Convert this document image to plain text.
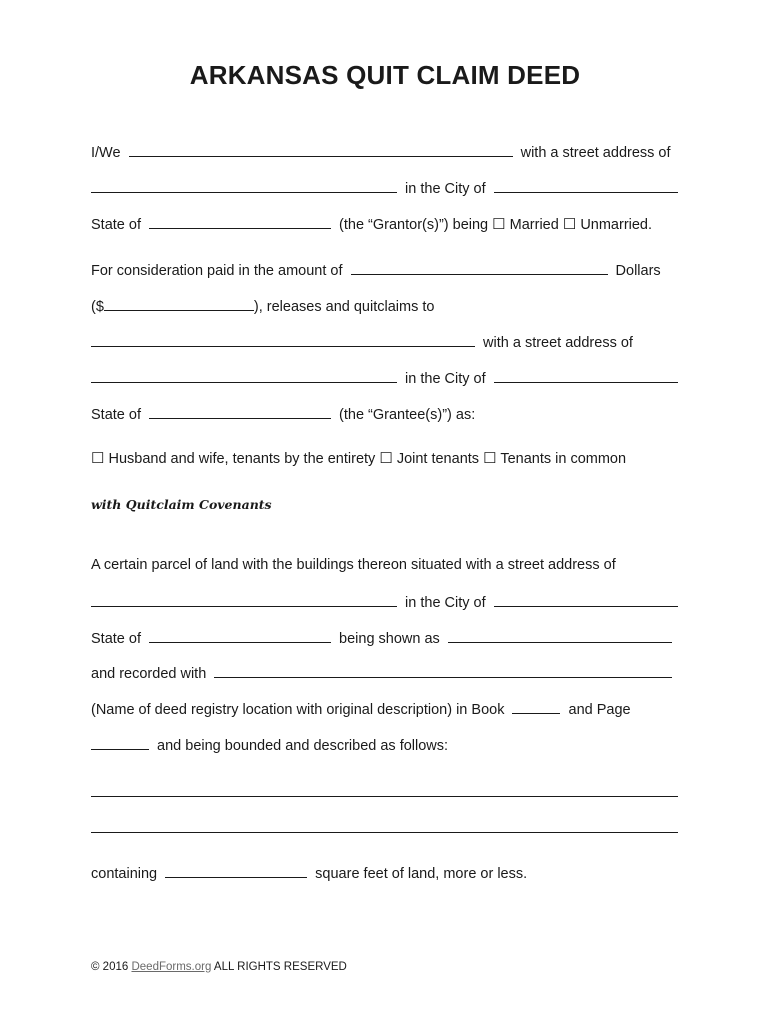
ARKANSAS QUIT CLAIM DEED
I/We	with a street address of
in the City of
State of	(the “Grantor(s)”) being ☐ Married ☐ Unmarried.
For consideration paid in the amount of	Dollars
($	), releases and quitclaims to
with a street address of
in the City of
State of	(the “Grantee(s)”) as:
☐ Husband and wife, tenants by the entirety ☐ Joint tenants ☐ Tenants in common

with Quitclaim Covenants

A certain parcel of land with the buildings thereon situated with a street address of
in the City of
State of	being shown as
and recorded with
(Name of deed registry location with original description) in Book	and Page
and being bounded and described as follows:
containing	square feet of land, more or less.
© 2016 DeedForms.org ALL RIGHTS RESERVED
